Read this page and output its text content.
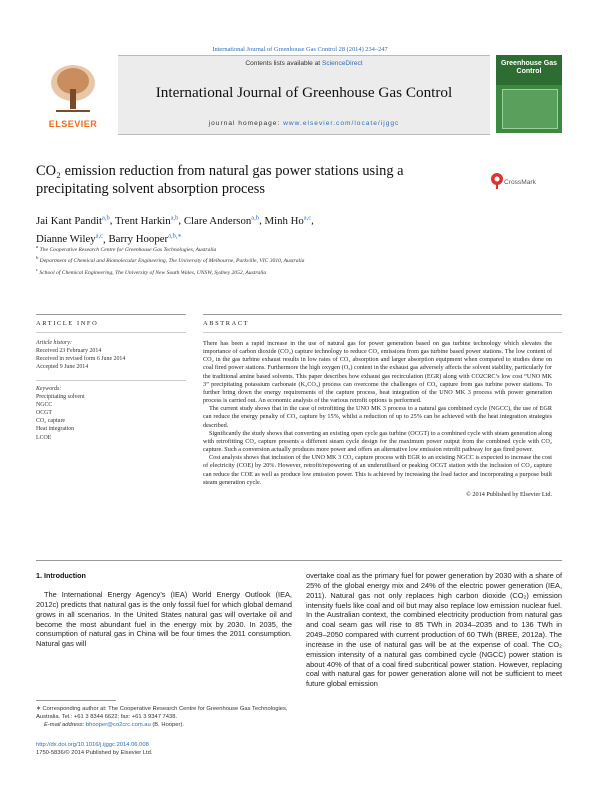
International Journal of Greenhouse Gas Control 28 (2014) 234–247
ELSEVIER
Contents lists available at ScienceDirect
International Journal of Greenhouse Gas Control
journal homepage: www.elsevier.com/locate/ijggc
Greenhouse Gas Control
CO₂ emission reduction from natural gas power stations using a precipitating solvent absorption process	CrossMark
Jai Kant Pandit$^{a,b}$, Trent Harkin$^{a,b}$, Clare Anderson$^{a,b}$, Minh Ho$^{a,c}$,
Dianne Wiley$^{a,c}$, Barry Hooper$^{a,b,∗}$
$^a$ The Cooperative Research Centre for Greenhouse Gas Technologies, Australia
$^b$ Department of Chemical and Biomolecular Engineering, The University of Melbourne, Parkville, VIC 3010, Australia
$^c$ School of Chemical Engineering, The University of New South Wales, UNSW, Sydney 2052, Australia
ARTICLE INFO	ABSTRACT
Article history:
Received 23 February 2014
Received in revised form 6 June 2014
Accepted 9 June 2014
Keywords:
Precipitating solvent
NGCC
OCGT
CO₂ capture
Heat integration
LCOE

There has been a rapid increase in the use of natural gas for power generation based on gas turbine technology which elevates the importance of carbon dioxide (CO₂) capture technology to reduce CO₂ emissions from gas turbine based power stations. The low content of CO₂ in the gas turbine exhaust results in low rates of CO₂ absorption and larger absorption equipment when compared to studies done on coal fired power stations. Furthermore the high oxygen (O₂) content in the exhaust gas adversely affects the solvent stability, particularly for the traditional amine based solvents. This paper describes how exhaust gas recirculation (EGR) along with CO2CRC’s low cost “UNO MK 3” precipitating potassium carbonate (K₂CO₃) process can overcome the challenges of CO₂ capture from gas turbine power stations. To further bring down the energy requirements of the capture process, heat integration of the UNO MK 3 process with power generation process is carried out. An economic analysis of the various retrofit options is performed.

The current study shows that in the case of retrofitting the UNO MK 3 process to a natural gas combined cycle (NGCC), the use of EGR can reduce the energy penalty of CO₂ capture by 15%, whilst a reduction of up to 25% can be achieved with the heat integration strategies described.

Significantly the study shows that converting an existing open cycle gas turbine (OCGT) to a combined cycle with steam generation along with retrofitting CO₂ capture presents a different steam cycle design for the maximum power output from the combined cycle with CO₂ capture. Such a conversion actually produces more power and offers an alternative low emission retrofit pathway for gas fired power.

Cost analysis shows that inclusion of the UNO MK 3 CO₂ capture process with EGR to an existing NGCC is expected to increase the cost of electricity (COE) by 20%. However, retrofit/repowering of an underutilised or peaking OCGT station with the inclusion of CO₂ capture can reduce the COE as well as produce low emission power. This is achieved by increasing the load factor and incorporating a purpose built steam generation cycle.

© 2014 Published by Elsevier Ltd.

1. Introduction

The International Energy Agency’s (IEA) World Energy Outlook (IEA, 2012c) predicts that natural gas is the only fossil fuel for which global demand grows in all scenarios. In the United States natural gas will overtake oil and become the most abundant fuel in the energy mix by 2030. In 2035, the consumption of natural gas in China will be four times the 2011 consumption. Natural gas will

overtake coal as the primary fuel for power generation by 2030 with a share of 25% of the global energy mix and 24% of the electric power generation (IEA, 2011). Natural gas not only replaces high carbon dioxide (CO₂) emission intensity fuels like coal and oil but may also replace low emission nuclear fuel. In the Australian context, the combined electricity production from natural gas and coal seam gas will rise to 85 TWh in 2034–2035 and to 136 TWh in 2049–2050 compared with current production of 60 TWh (BREE, 2012a). The increase in the use of natural gas will be at the expense of coal. The CO₂ emission intensity of a natural gas combined cycle (NGCC) power station is about 40% of that of a coal fired subcritical power station. However, replacing coal with natural gas for power generation alone will not be sufficient to meet future global emission

∗ Corresponding author at: The Cooperative Research Centre for Greenhouse Gas Technologies, Australia. Tel.: +61 3 8344 6622; fax: +61 3 9347 7438.
E-mail address: bhooper@co2crc.com.au (B. Hooper).
http://dx.doi.org/10.1016/j.ijggc.2014.06.008
1750-5836/© 2014 Published by Elsevier Ltd.
